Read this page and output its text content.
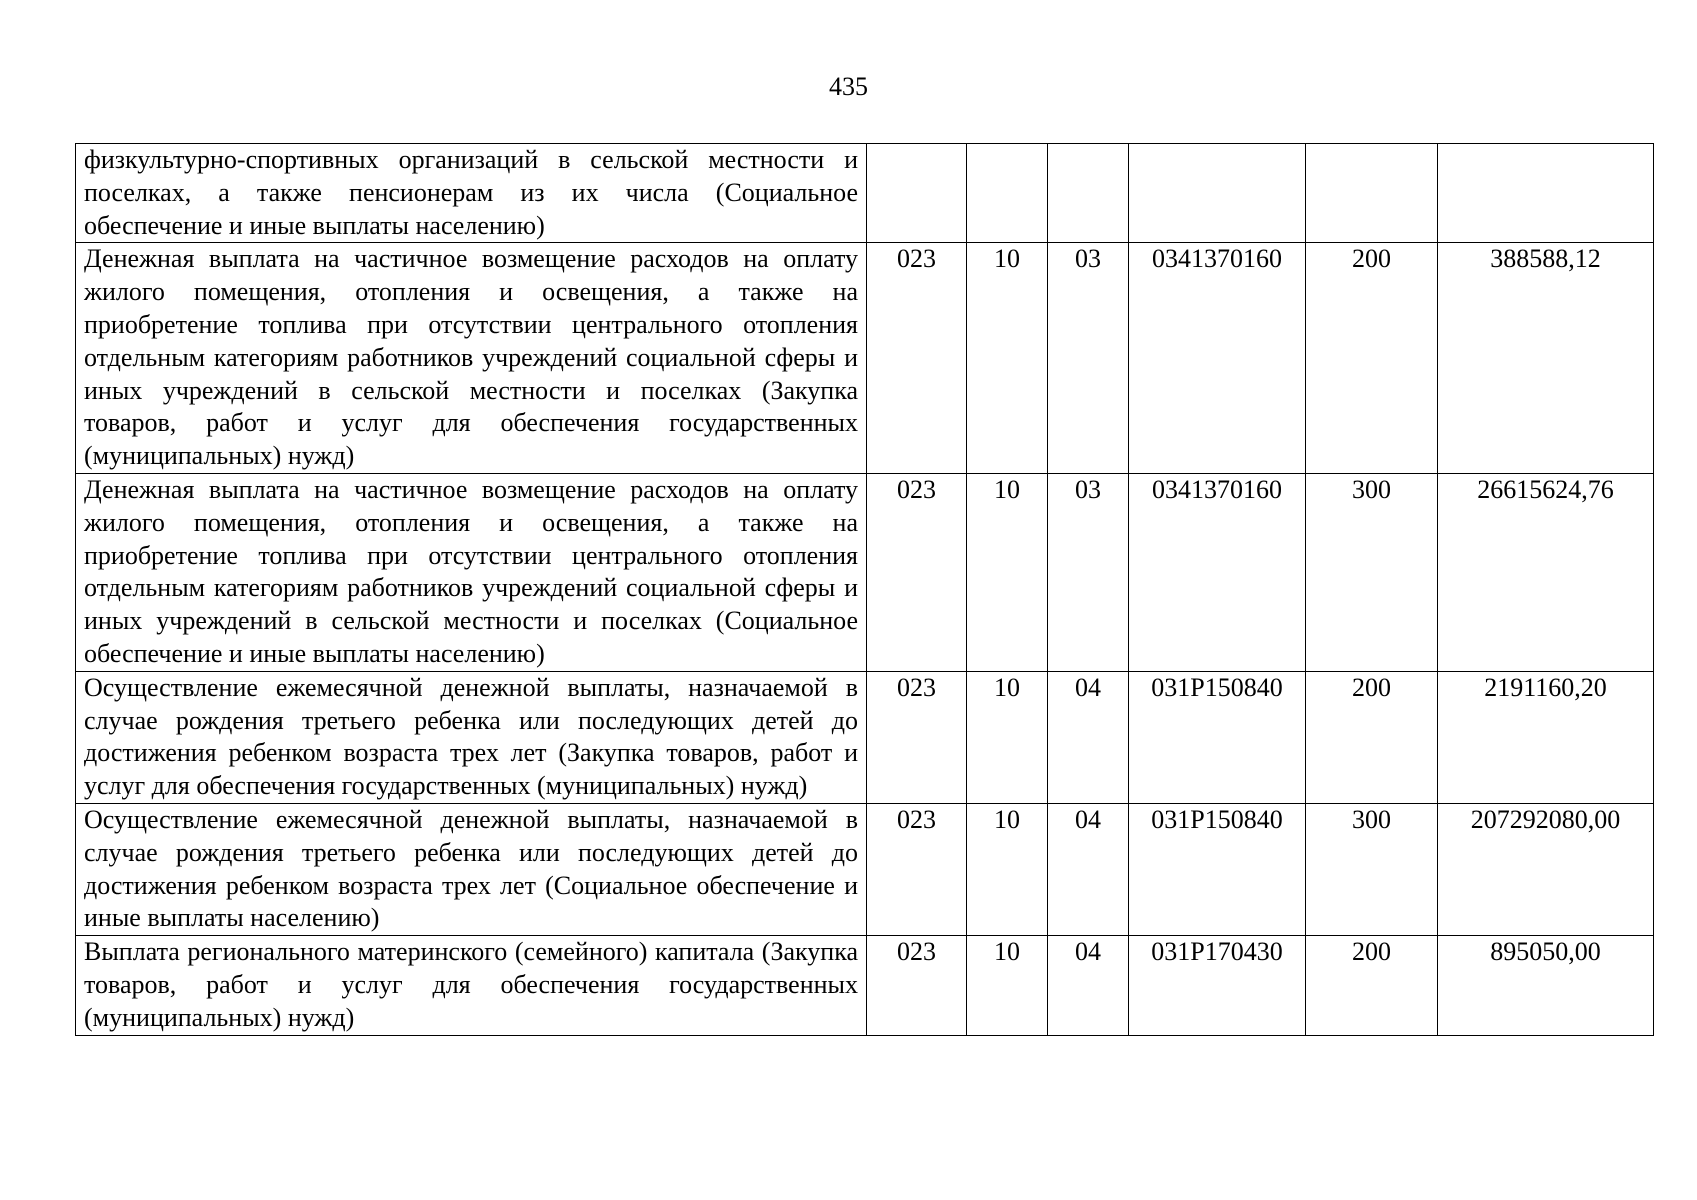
435
физкультурно-спортивных организаций в сельской местности и поселках, а также пенсионерам из их числа (Социальное обеспечение и иные выплаты населению)						
Денежная выплата на частичное возмещение расходов на оплату жилого помещения, отопления и освещения, а также на приобретение топлива при отсутствии центрального отопления отдельным категориям работников учреждений социальной сферы и иных учреждений в сельской местности и поселках (Закупка товаров, работ и услуг для обеспечения государственных (муниципальных) нужд)	023	10	03	0341370160	200	388588,12
Денежная выплата на частичное возмещение расходов на оплату жилого помещения, отопления и освещения, а также на приобретение топлива при отсутствии центрального отопления отдельным категориям работников учреждений социальной сферы и иных учреждений в сельской местности и поселках (Социальное обеспечение и иные выплаты населению)	023	10	03	0341370160	300	26615624,76
Осуществление ежемесячной денежной выплаты, назначаемой в случае рождения третьего ребенка или последующих детей до достижения ребенком возраста трех лет (Закупка товаров, работ и услуг для обеспечения государственных (муниципальных) нужд)	023	10	04	031P150840	200	2191160,20
Осуществление ежемесячной денежной выплаты, назначаемой в случае рождения третьего ребенка или последующих детей до достижения ребенком возраста трех лет (Социальное обеспечение и иные выплаты населению)	023	10	04	031P150840	300	207292080,00
Выплата регионального материнского (семейного) капитала (Закупка товаров, работ и услуг для обеспечения государственных (муниципальных) нужд)	023	10	04	031P170430	200	895050,00
